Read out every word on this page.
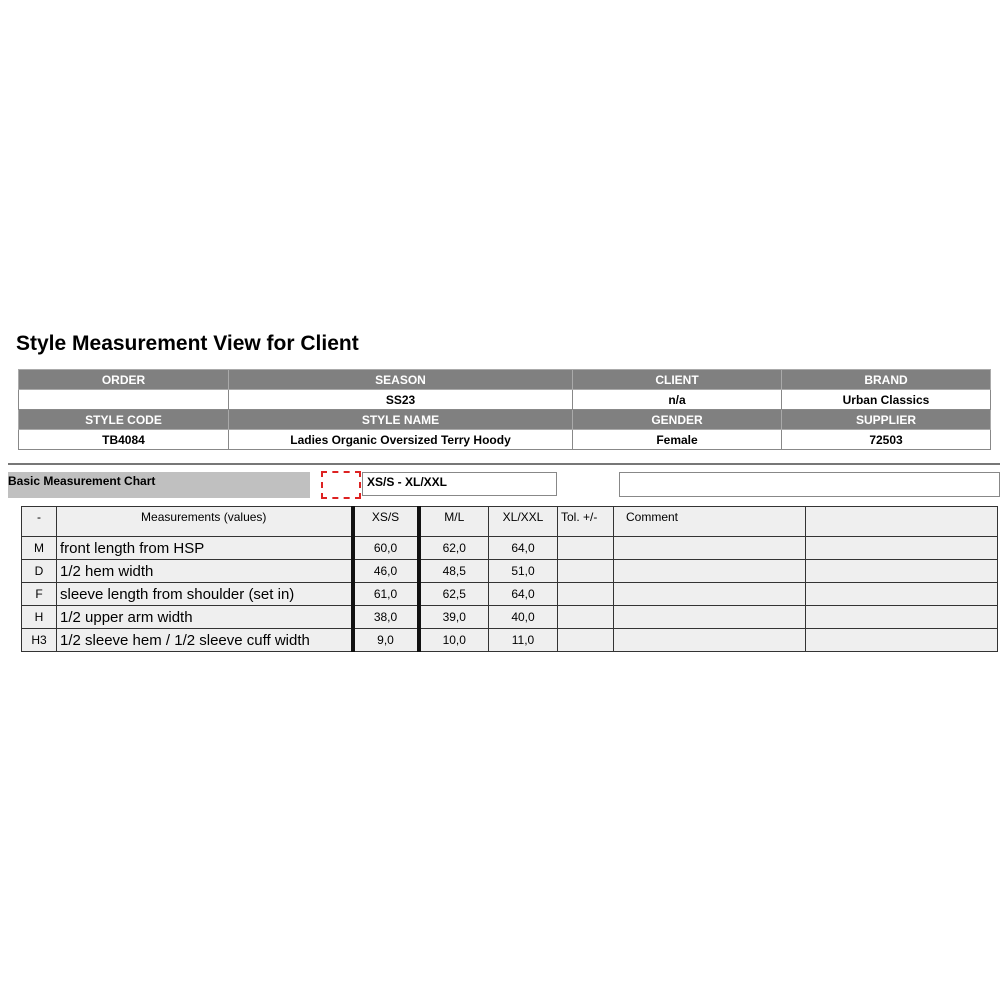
Style Measurement View for Client
ORDER	SEASON	CLIENT	BRAND
	SS23	n/a	Urban Classics
STYLE CODE	STYLE NAME	GENDER	SUPPLIER
TB4084	Ladies Organic Oversized Terry Hoody	Female	72503
Basic Measurement Chart	XS/S - XL/XXL
-	Measurements (values)	XS/S	M/L	XL/XXL	Tol. +/-	Comment	
M	front length from HSP	60,0	62,0	64,0			
D	1/2 hem width	46,0	48,5	51,0			
F	sleeve length from shoulder (set in)	61,0	62,5	64,0			
H	1/2 upper arm width	38,0	39,0	40,0			
H3	1/2 sleeve hem / 1/2 sleeve cuff width	9,0	10,0	11,0			
